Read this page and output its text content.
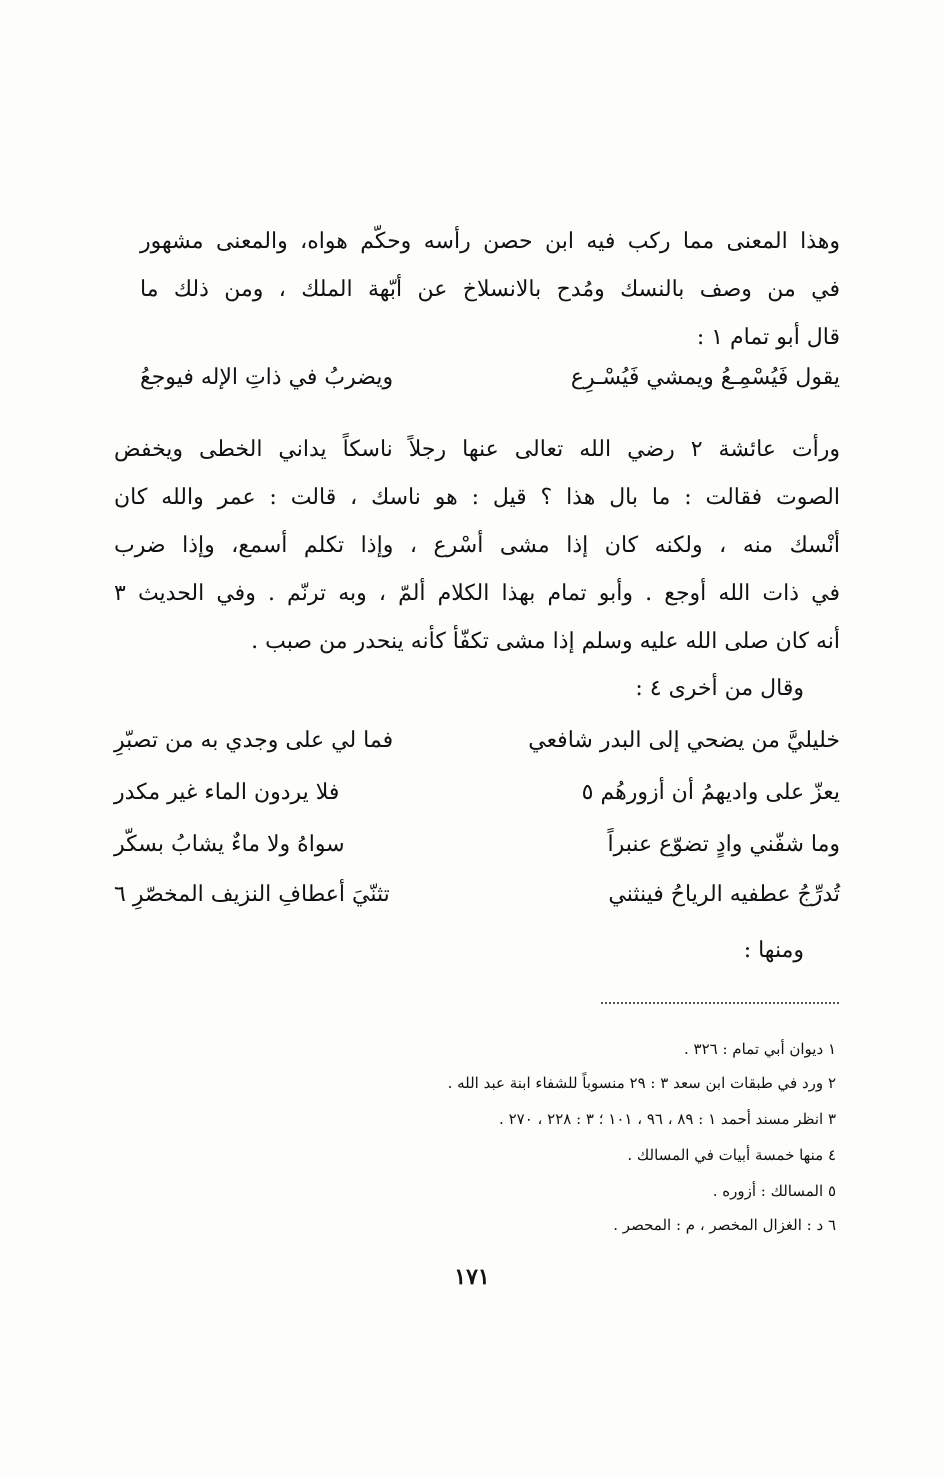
وهذا المعنى مما ركب فيه ابن حصن رأسه وحكّم هواه، والمعنى مشهور

في من وصف بالنسك ومُدح بالانسلاخ عن أبّهة الملك ، ومن ذلك ما

قال أبو تمام ١ :

يقول فَيُسْمِـعُ ويمشي فَيُسْـرِع
ويضربُ في ذاتِ الإله فيوجعُ

ورأت عائشة ٢ رضي الله تعالى عنها رجلاً ناسكاً يداني الخطى ويخفض

الصوت فقالت : ما بال هذا ؟ قيل : هو ناسك ، قالت : عمر والله كان

أنْسك منه ، ولكنه كان إذا مشى أسْرع ، وإذا تكلم أسمع، وإذا ضرب

في ذات الله أوجع . وأبو تمام بهذا الكلام ألمّ ، وبه ترنّم . وفي الحديث ٣

أنه كان صلى الله عليه وسلم إذا مشى تكفّأ كأنه ينحدر من صبب .

وقال من أخرى ٤ :
خليليَّ من يضحي إلى البدر شافعي
فما لي على وجدي به من تصبّرِ
يعزّ على واديهمُ أن أزورهُم ٥
فلا يردون الماء غير مكدر
وما شفّني وادٍ تضوّع عنبراً
سواهُ ولا ماءٌ يشابُ بسكّر
تُدرِّجُ عطفيه الرياحُ فينثني
تثنّيَ أعطافِ النزيف المخصّرِ ٦
ومنها :
١ ديوان أبي تمام : ٣٢٦ .
٢ ورد في طبقات ابن سعد ٣ : ٢٩ منسوباً للشفاء ابنة عبد الله .
٣ انظر مسند أحمد ١ : ٨٩ ، ٩٦ ، ١٠١ ؛ ٣ : ٢٢٨ ، ٢٧٠ .
٤ منها خمسة أبيات في المسالك .
٥ المسالك : أزوره .
٦ د : الغزال المخصر ، م : المحصر .
١٧١
